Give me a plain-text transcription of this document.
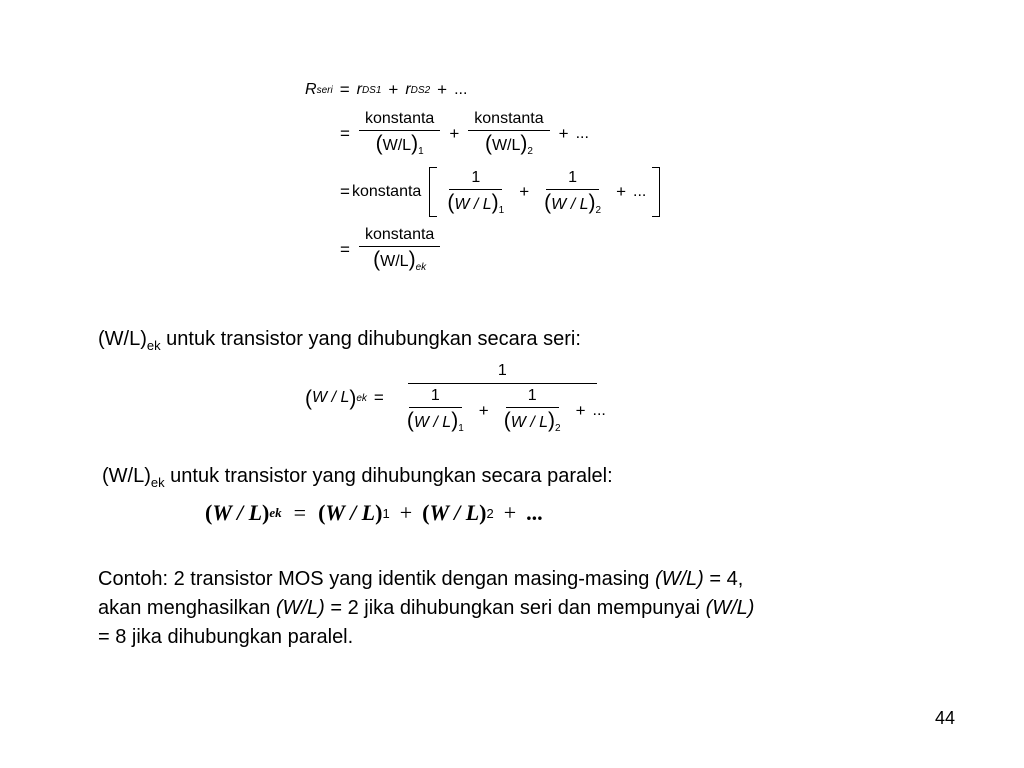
R seri = r DS1 + r DS2 + ...
= $\frac{\text{konstanta}}{(W/L)_1} + \frac{\text{konstanta}}{(W/L)_2}$ + ...
= konstanta $\frac{1}{(W / L)_1} + \frac{1}{(W / L)_2}$ + ...
= $\frac{\text{konstanta}}{(W/L)_{ek}}$
$(W/L)_{ek}$ untuk transistor yang dihubungkan secara seri:
( W / L ) ek =
1
$\frac{1}{(W / L)_1} + \frac{1}{(W / L)_2}$ + ...
$(W/L)_{ek}$ untuk transistor yang dihubungkan secara paralel:
( W / L ) ek = ( W / L ) 1 + ( W / L ) 2 + ...
Contoh: 2 transistor MOS yang identik dengan masing-masing (W/L) = 4,
akan menghasilkan (W/L) = 2 jika dihubungkan seri dan mempunyai (W/L)
= 8 jika dihubungkan paralel.
44
